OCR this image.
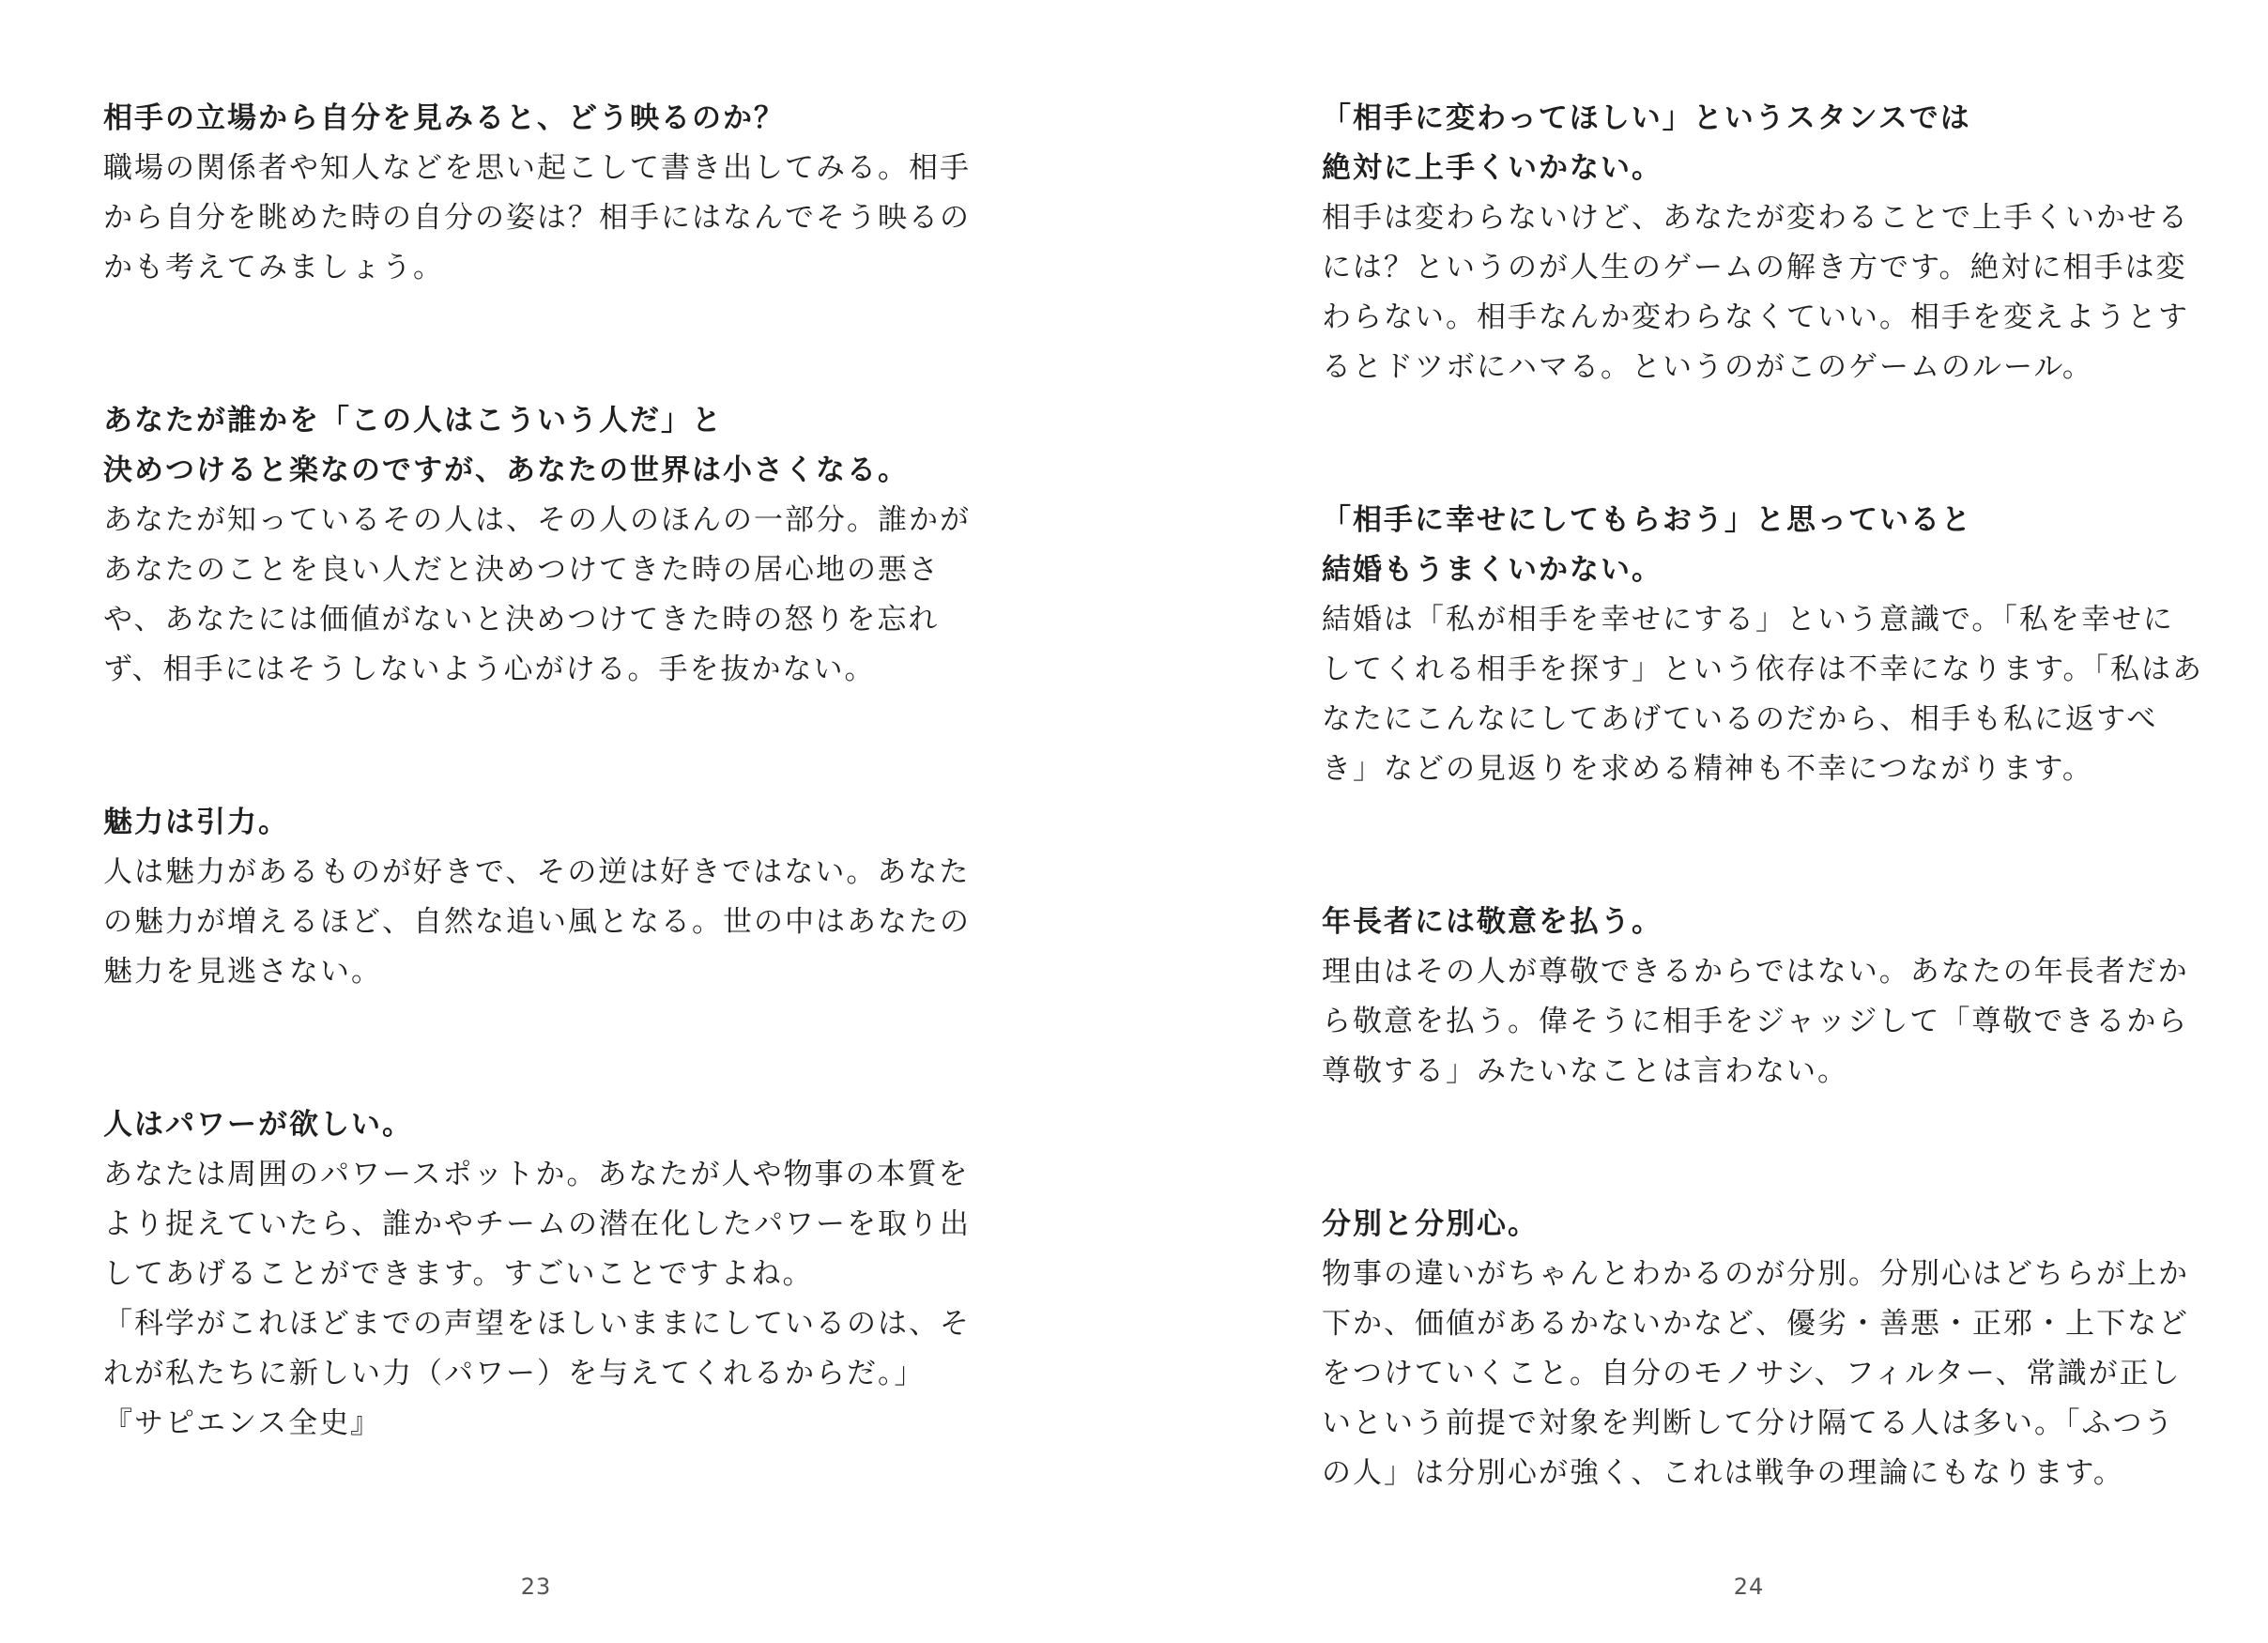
相手の立場から自分を見みると、どう映るのか？

職場の関係者や知人などを思い起こして書き出してみる。相手から自分を眺めた時の自分の姿は？相手にはなんでそう映るのかも考えてみましょう。

あなたが誰かを「この人はこういう人だ」と

決めつけると楽なのですが、あなたの世界は小さくなる。

あなたが知っているその人は、その人のほんの一部分。誰かがあなたのことを良い人だと決めつけてきた時の居心地の悪さや、あなたには価値がないと決めつけてきた時の怒りを忘れず、相手にはそうしないよう心がける。手を抜かない。

魅力は引力。

人は魅力があるものが好きで、その逆は好きではない。あなたの魅力が増えるほど、自然な追い風となる。世の中はあなたの魅力を見逃さない。

人はパワーが欲しい。

あなたは周囲のパワースポットか。あなたが人や物事の本質をより捉えていたら、誰かやチームの潜在化したパワーを取り出してあげることができます。すごいことですよね。

「科学がこれほどまでの声望をほしいままにしているのは、それが私たちに新しい力（パワー）を与えてくれるからだ。」

『サピエンス全史』

23

「相手に変わってほしい」というスタンスでは

絶対に上手くいかない。

相手は変わらないけど、あなたが変わることで上手くいかせるには？というのが人生のゲームの解き方です。絶対に相手は変わらない。相手なんか変わらなくていい。相手を変えようとするとドツボにハマる。というのがこのゲームのルール。

「相手に幸せにしてもらおう」と思っていると

結婚もうまくいかない。

結婚は「私が相手を幸せにする」という意識で。「私を幸せにしてくれる相手を探す」という依存は不幸になります。「私はあなたにこんなにしてあげているのだから、相手も私に返すべき」などの見返りを求める精神も不幸につながります。

年長者には敬意を払う。

理由はその人が尊敬できるからではない。あなたの年長者だから敬意を払う。偉そうに相手をジャッジして「尊敬できるから尊敬する」みたいなことは言わない。

分別と分別心。

物事の違いがちゃんとわかるのが分別。分別心はどちらが上か下か、価値があるかないかなど、優劣・善悪・正邪・上下などをつけていくこと。自分のモノサシ、フィルター、常識が正しいという前提で対象を判断して分け隔てる人は多い。「ふつうの人」は分別心が強く、これは戦争の理論にもなります。

24
